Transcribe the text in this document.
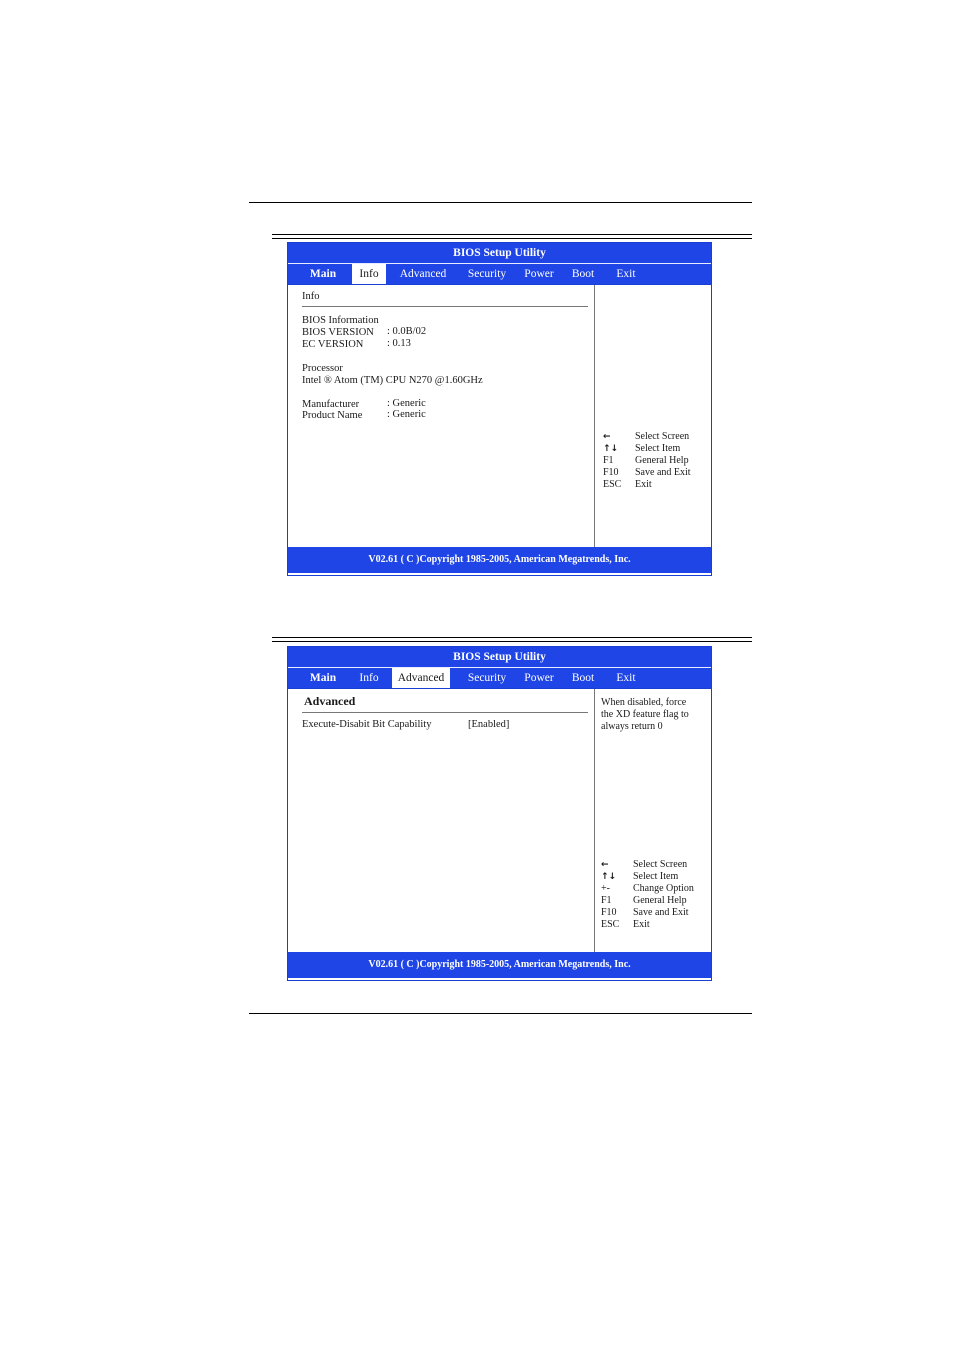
BIOS Setup Utility
Main	Info	Advanced	Security	Power	Boot	Exit
Info
BIOS Information
BIOS VERSION : 0.0B/02
EC VERSION : 0.13
Processor
Intel ® Atom (TM) CPU N270 @1.60GHz
Manufacturer	: Generic
Product Name : Generic
← Select Screen
↑↓ Select Item
F1 General Help
F10 Save and Exit
ESC Exit
V02.61 ( C )Copyright 1985-2005, American Megatrends, Inc.
BIOS Setup Utility
Main	Info	Advanced	Security	Power	Boot	Exit
Advanced
Execute-Disabit Bit Capability	[Enabled]
When disabled, force
the XD feature flag to
always return 0
← Select Screen
↑↓ Select Item
+- Change Option
F1 General Help
F10 Save and Exit
ESC Exit
V02.61 ( C )Copyright 1985-2005, American Megatrends, Inc.
